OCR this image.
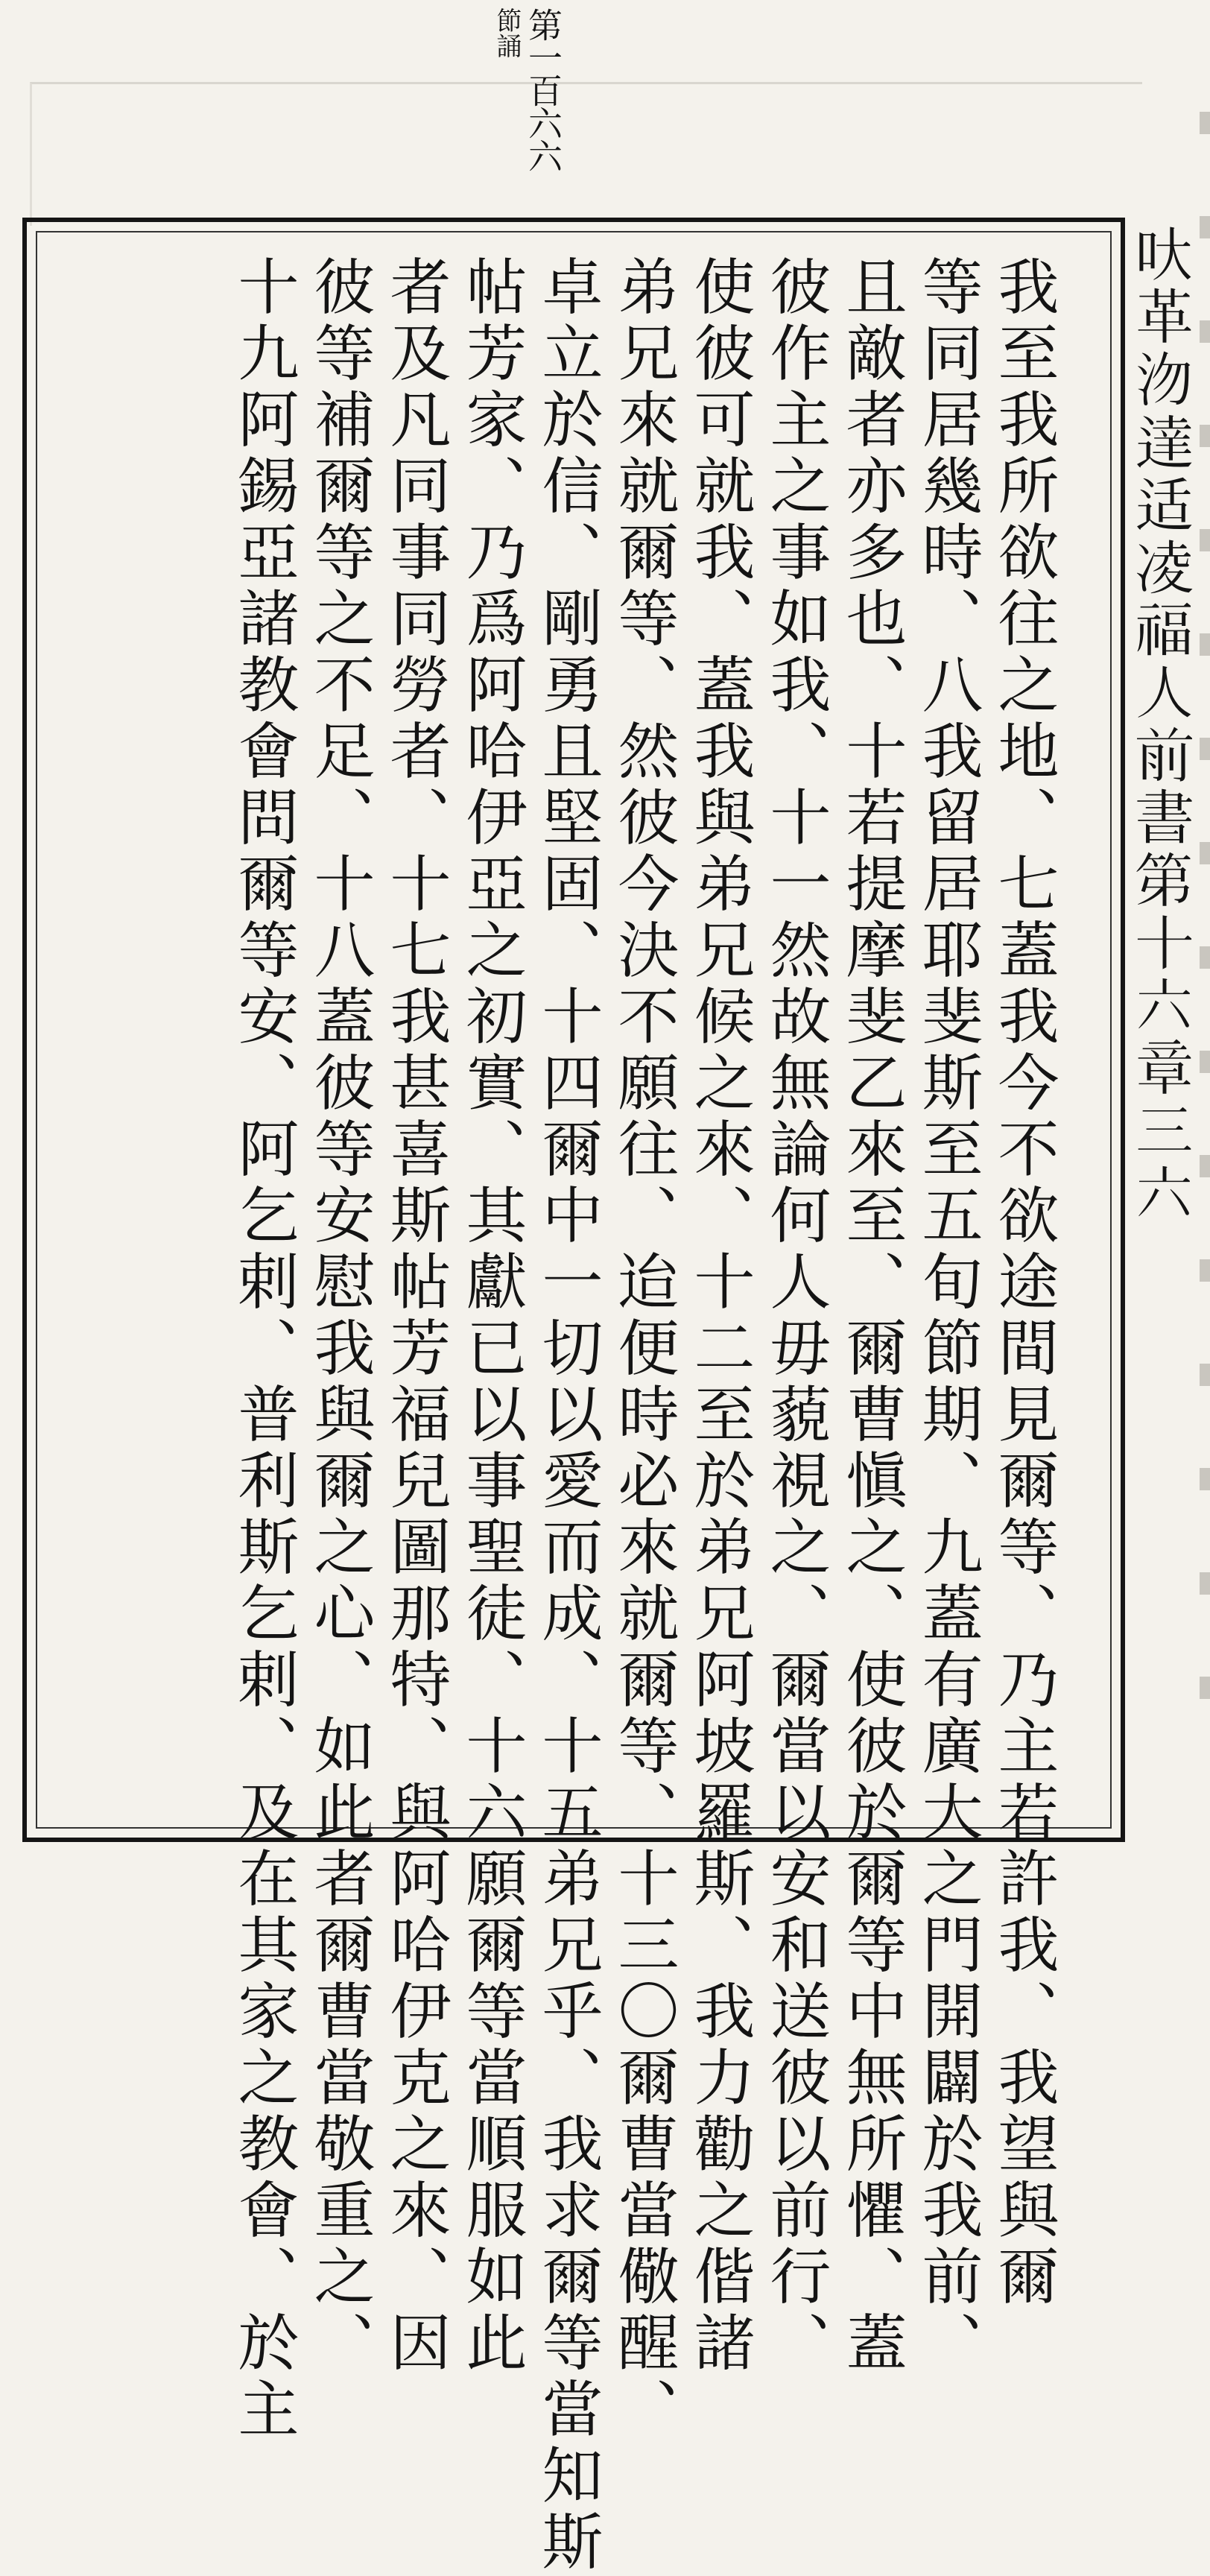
第一百六六
節誦
我至我所欲往之地、七蓋我今不欲途間見爾等、乃主若許我、我望與爾
等同居幾時、八我留居耶斐斯至五旬節期、九蓋有廣大之門開闢於我前、
且敵者亦多也、十若提摩斐乙來至、爾曹愼之、使彼於爾等中無所懼、蓋
彼作主之事如我、十一然故無論何人毋藐視之、爾當以安和送彼以前行、
使彼可就我、蓋我與弟兄候之來、十二至於弟兄阿坡羅斯、我力勸之偕諸
弟兄來就爾等、然彼今決不願往、迨便時必來就爾等、十三〇爾曹當儆醒、
卓立於信、剛勇且堅固、十四爾中一切以愛而成、十五弟兄乎、我求爾等當知斯
帖芳家、乃爲阿哈伊亞之初實、其獻已以事聖徒、十六願爾等當順服如此
者及凡同事同勞者、十七我甚喜斯帖芳福兒圖那特、與阿哈伊克之來、因
彼等補爾等之不足、十八蓋彼等安慰我與爾之心、如此者爾曹當敬重之、
十九阿錫亞諸教會問爾等安、阿乞剌、普利斯乞剌、及在其家之教會、於主	𠯈革沕達适凌福人前書第十六章三六
